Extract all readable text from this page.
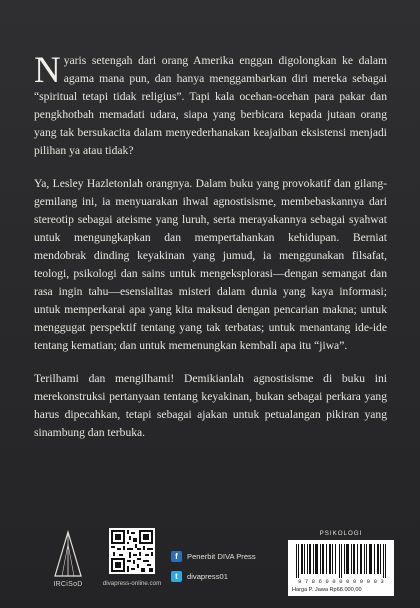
Nyaris setengah dari orang Amerika enggan digolongkan ke dalam agama mana pun, dan hanya menggambarkan diri mereka sebagai “spiritual tetapi tidak religius”. Tapi kala ocehan-ocehan para pakar dan pengkhotbah memadati udara, siapa yang berbicara kepada jutaan orang yang tak bersukacita dalam menyederhanakan keajaiban eksistensi menjadi pilihan ya atau tidak?

Ya, Lesley Hazletonlah orangnya. Dalam buku yang provokatif dan gilang-gemilang ini, ia menyuarakan ihwal agnostisisme, membebaskannya dari stereotip sebagai ateisme yang luruh, serta merayakannya sebagai syahwat untuk mengungkapkan dan mempertahankan kehidupan. Berniat mendobrak dinding keyakinan yang jumud, ia menggunakan filsafat, teologi, psikologi dan sains untuk mengeksplorasi—dengan semangat dan rasa ingin tahu—esensialitas misteri dalam dunia yang kaya informasi; untuk memperkarai apa yang kita maksud dengan pencarian makna; untuk menggugat perspektif tentang yang tak terbatas; untuk menantang ide-ide tentang kematian; dan untuk memenungkan kembali apa itu “jiwa”.

Terilhami dan mengilhami! Demikianlah agnostisisme di buku ini merekonstruksi pertanyaan tentang keyakinan, bukan sebagai perkara yang harus dipecahkan, tetapi sebagai ajakan untuk petualangan pikiran yang sinambung dan terbuka.

IRCiSoD	divapress-online.com
f	Penerbit DIVA Press
t	divapress01
PSIKOLOGI
9 7 8 6 0 0 0 0 0 0 0 0 3
Harga P. Jawa Rp68.000,00
